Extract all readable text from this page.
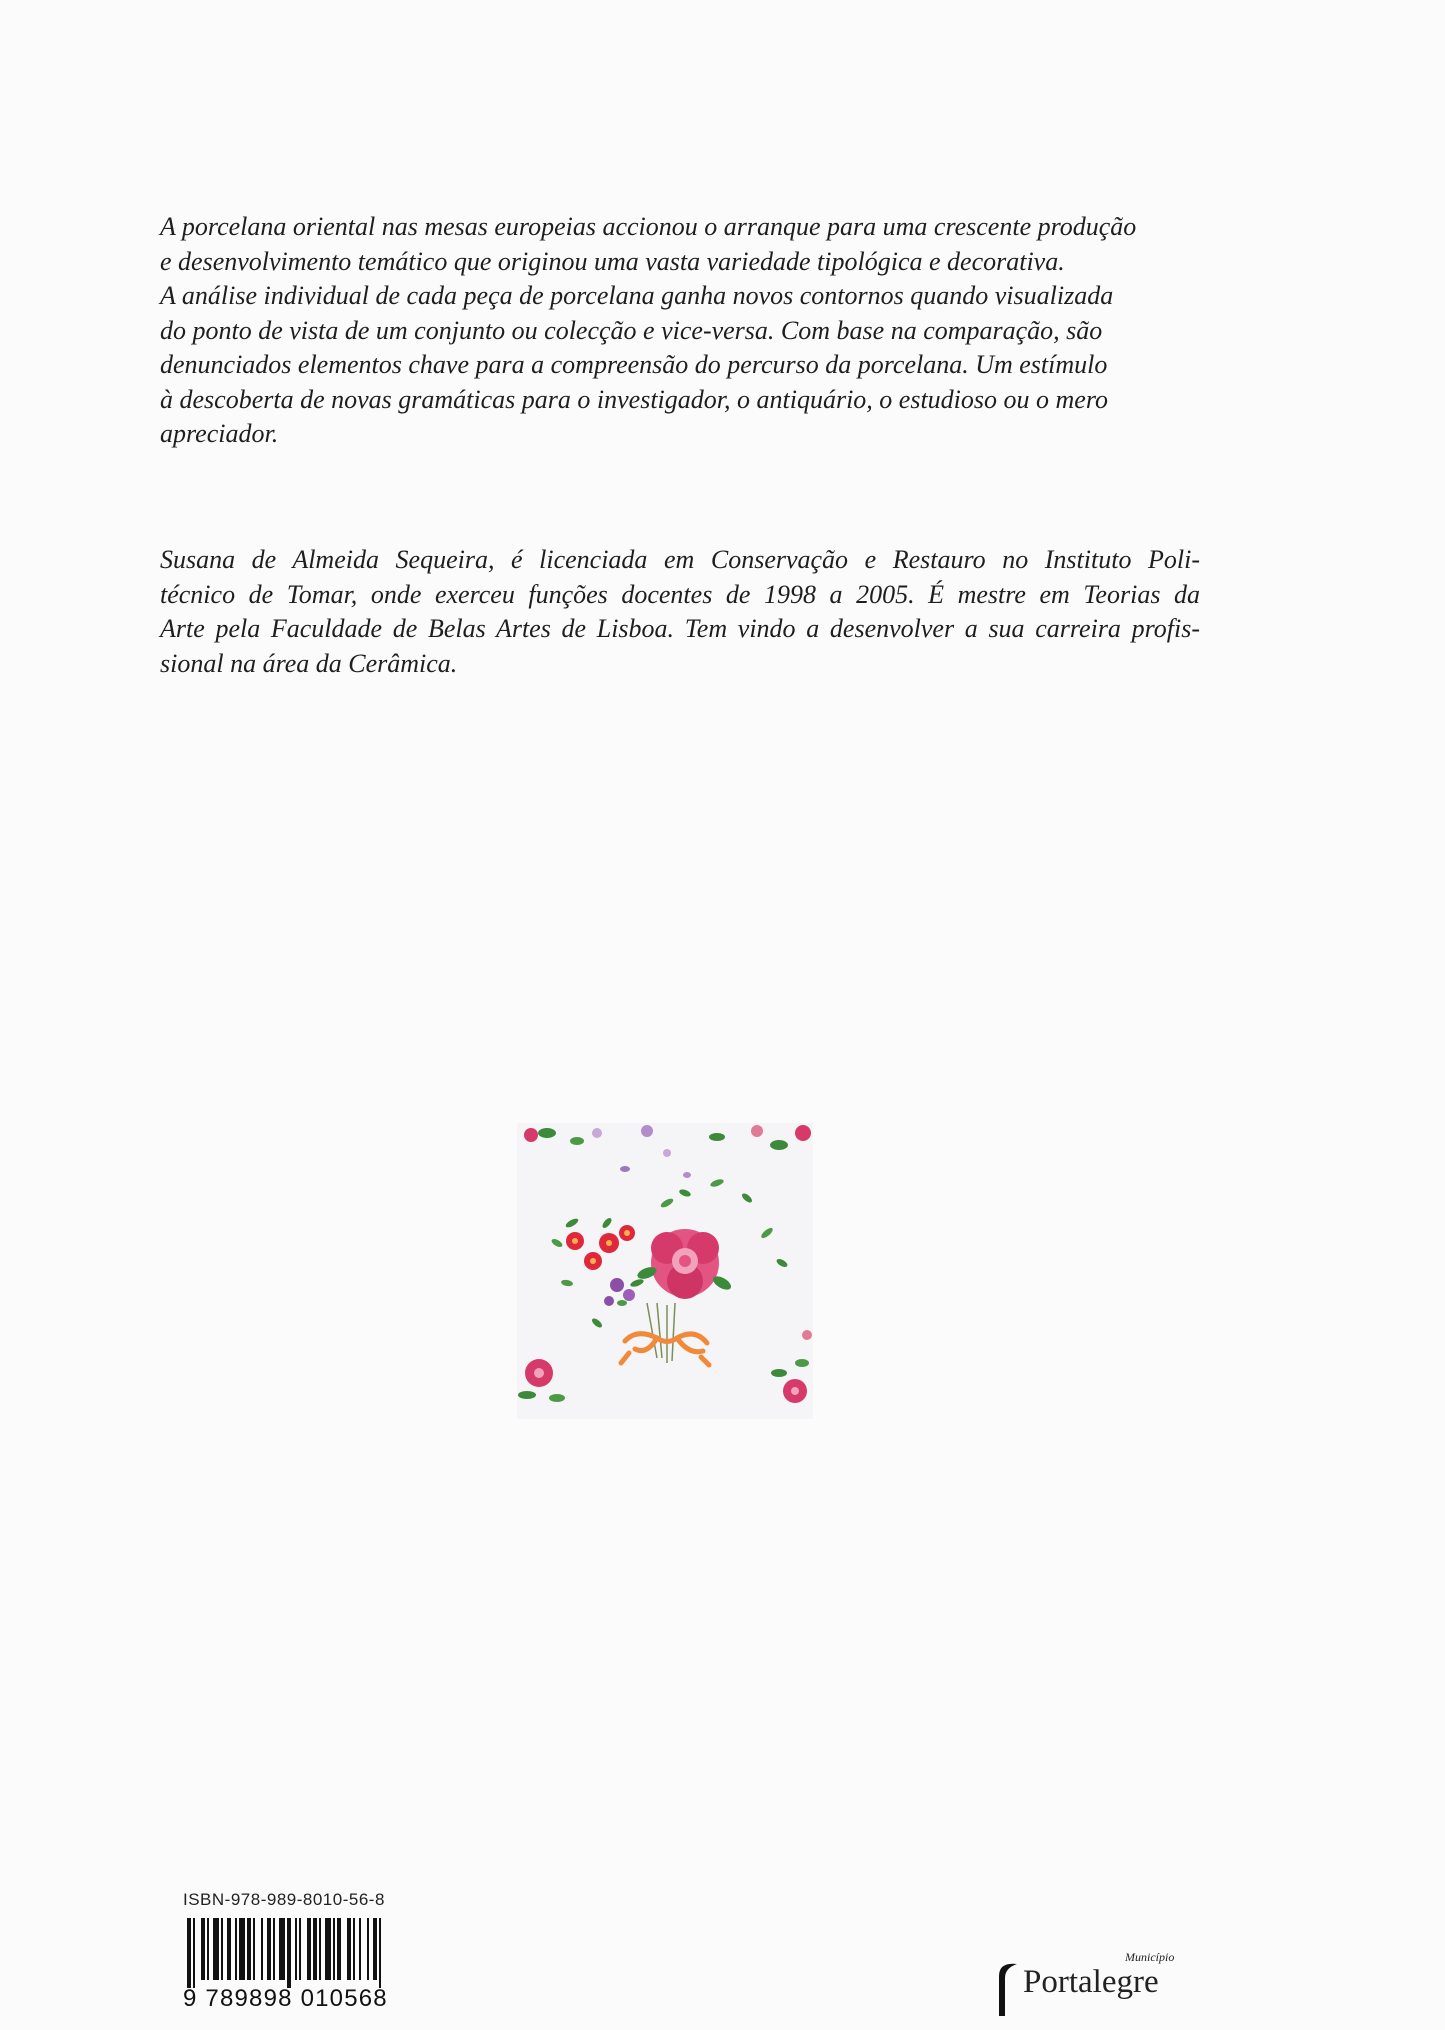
A porcelana oriental nas mesas europeias accionou o arranque para uma crescente produção
e desenvolvimento temático que originou uma vasta variedade tipológica e decorativa.
A análise individual de cada peça de porcelana ganha novos contornos quando visualizada
do ponto de vista de um conjunto ou colecção e vice-versa. Com base na comparação, são
denunciados elementos chave para a compreensão do percurso da porcelana. Um estímulo
à descoberta de novas gramáticas para o investigador, o antiquário, o estudioso ou o mero
apreciador.

Susana de Almeida Sequeira, é licenciada em Conservação e Restauro no Instituto Poli-
técnico de Tomar, onde exerceu funções docentes de 1998 a 2005. É mestre em Teorias da
Arte pela Faculdade de Belas Artes de Lisboa. Tem vindo a desenvolver a sua carreira profis-
sional na área da Cerâmica.

ISBN-978-989-8010-56-8
9 789898 010568
Município
Portalegre
